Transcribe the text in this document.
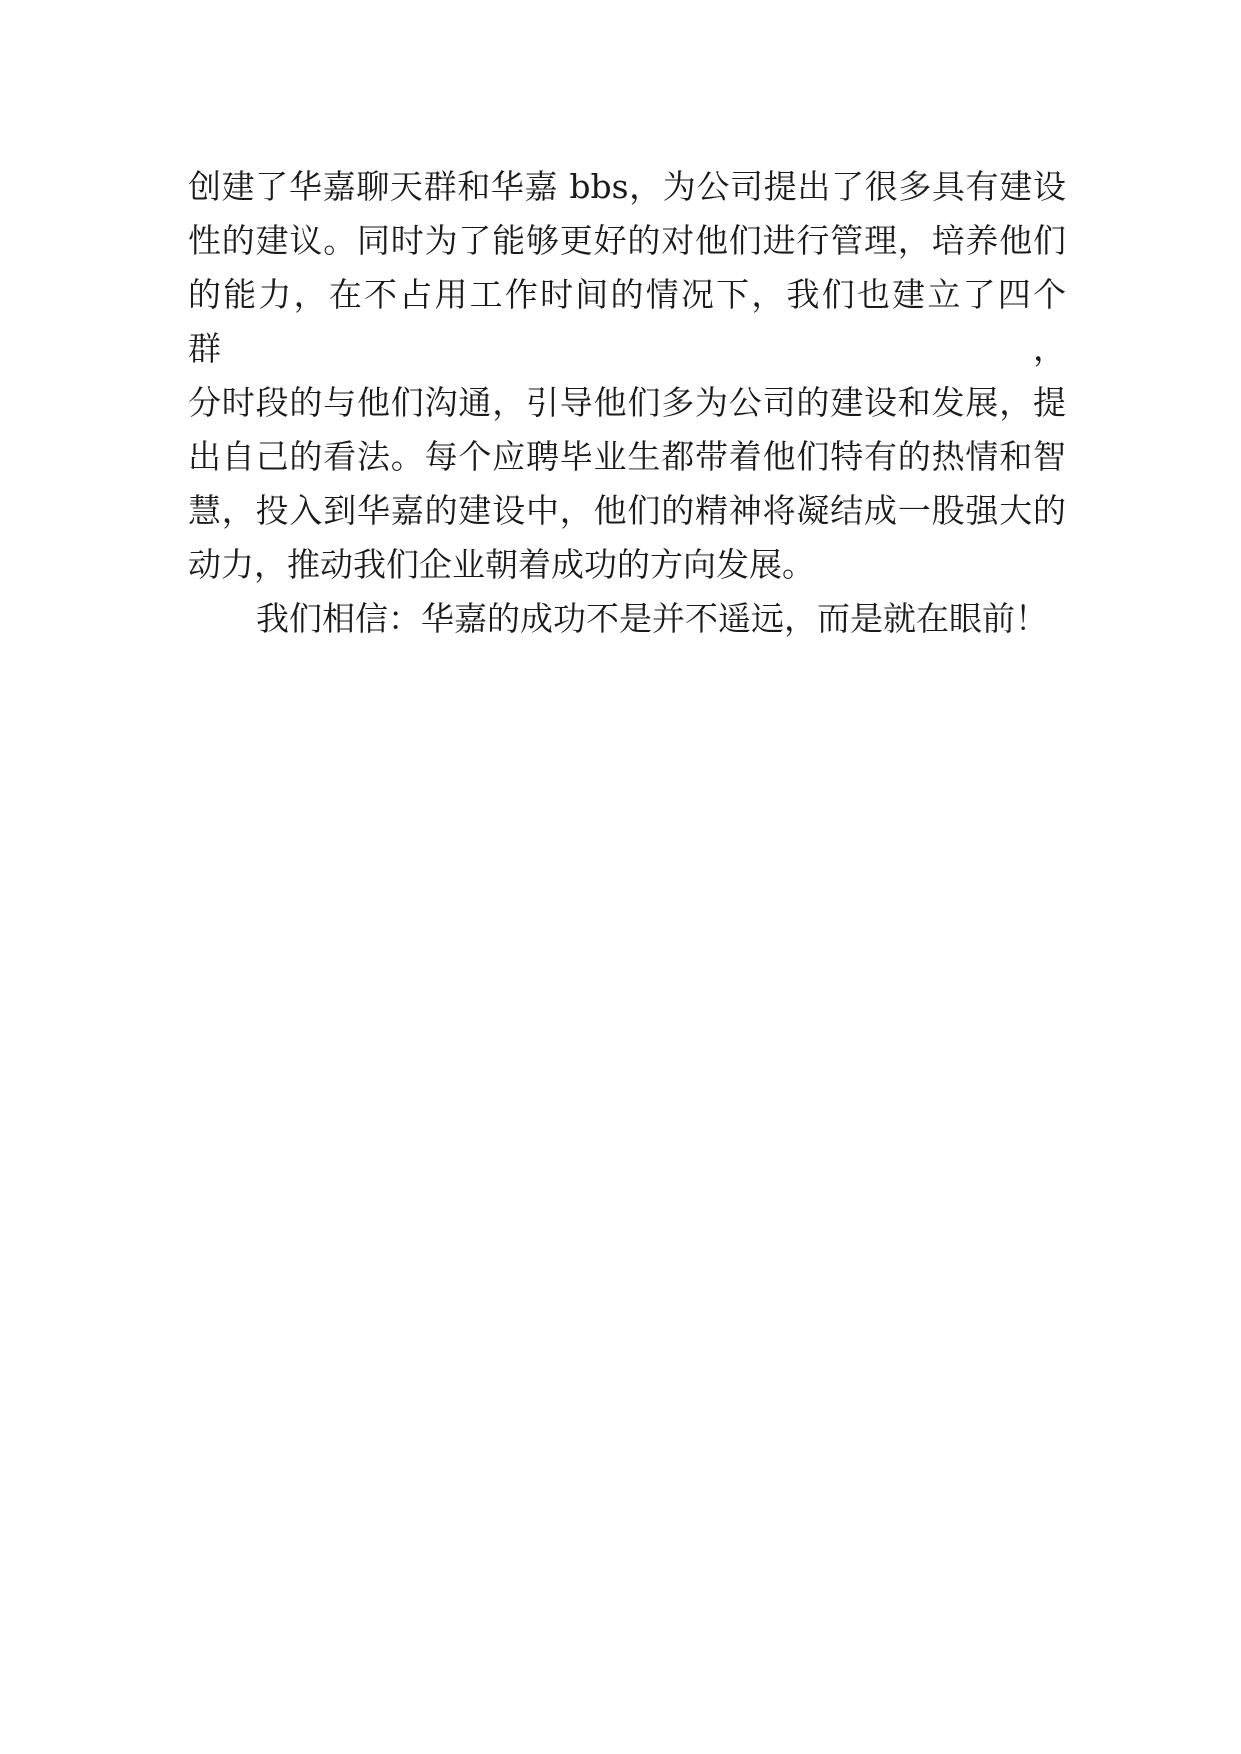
创建了华嘉聊天群和华嘉 bbs，为公司提出了很多具有建设
性的建议。同时为了能够更好的对他们进行管理，培养他们
的能力，在不占用工作时间的情况下，我们也建立了四个群，
分时段的与他们沟通，引导他们多为公司的建设和发展，提
出自己的看法。每个应聘毕业生都带着他们特有的热情和智
慧，投入到华嘉的建设中，他们的精神将凝结成一股强大的
动力，推动我们企业朝着成功的方向发展。
我们相信：华嘉的成功不是并不遥远，而是就在眼前！
